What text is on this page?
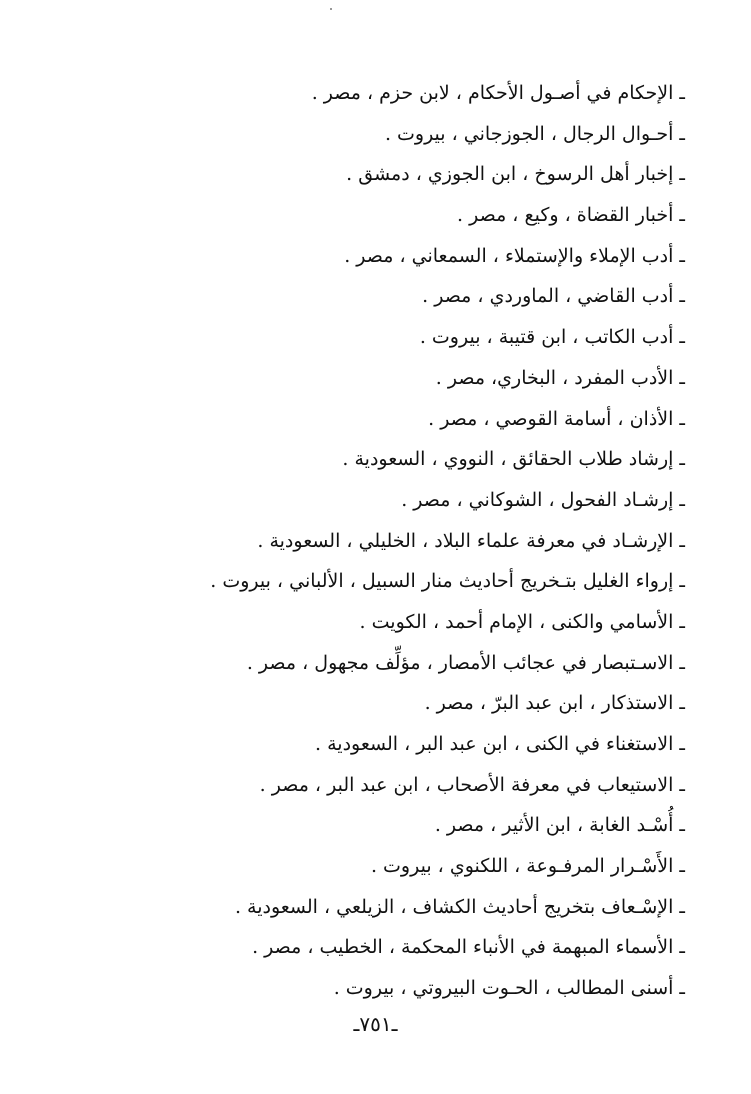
ـالإحكام في أصـول الأحكام ، لابن حزم ، مصر .
ـأحـوال الرجال ، الجوزجاني ، بيروت .
ـإخبار أهل الرسوخ ، ابن الجوزي ، دمشق .
ـأخبار القضاة ، وكيع ، مصر .
ـأدب الإملاء والإستملاء ، السمعاني ، مصر .
ـأدب القاضي ، الماوردي ، مصر .
ـأدب الكاتب ، ابن قتيبة ، بيروت .
ـالأدب المفرد ، البخاري، مصر .
ـالأذان ، أسامة القوصي ، مصر .
ـإرشاد طلاب الحقائق ، النووي ، السعودية .
ـإرشـاد الفحول ، الشوكاني ، مصر .
ـالإرشـاد في معرفة علماء البلاد ، الخليلي ، السعودية .
ـإرواء الغليل بتـخريج أحاديث منار السبيل ، الألباني ، بيروت .
ـالأسامي والكنى ، الإمام أحمد ، الكويت .
ـالاسـتبصار في عجائب الأمصار ، مؤلِّف مجهول ، مصر .
ـالاستذكار ، ابن عبد البرّ ، مصر .
ـالاستغناء في الكنى ، ابن عبد البر ، السعودية .
ـالاستيعاب في معرفة الأصحاب ، ابن عبد البر ، مصر .
ـأُسْـد الغابة ، ابن الأثير ، مصر .
ـالأَسْـرار المرفـوعة ، اللكنوي ، بيروت .
ـالإسْـعاف بتخريج أحاديث الكشاف ، الزيلعي ، السعودية .
ـالأسماء المبهمة في الأنباء المحكمة ، الخطيب ، مصر .
ـأسنى المطالب ، الحـوت البيروتي ، بيروت .
ـ٧٥١ـ
